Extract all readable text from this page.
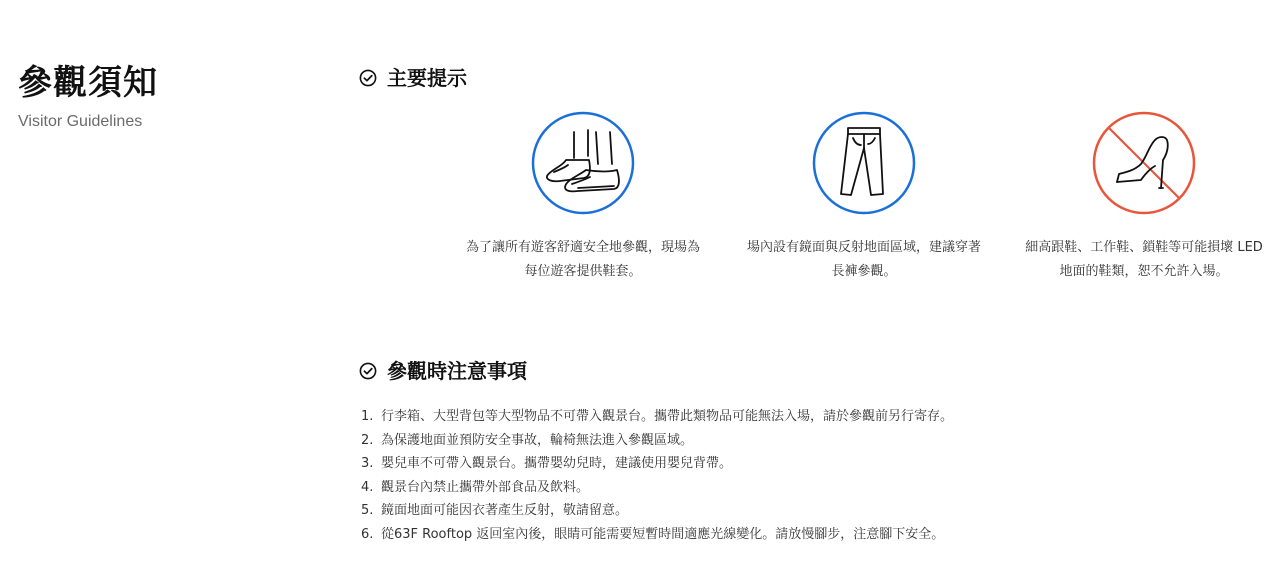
參觀須知

Visitor Guidelines

主要提示
為了讓所有遊客舒適安全地參觀，現場為每位遊客提供鞋套。
場內設有鏡面與反射地面區域，建議穿著長褲參觀。
細高跟鞋、工作鞋、鎖鞋等可能損壞 LED 地面的鞋類，恕不允許入場。
參觀時注意事項
1. 行李箱、大型背包等大型物品不可帶入觀景台。攜帶此類物品可能無法入場，請於參觀前另行寄存。
2. 為保護地面並預防安全事故，輪椅無法進入參觀區域。
3. 嬰兒車不可帶入觀景台。攜帶嬰幼兒時，建議使用嬰兒背帶。
4. 觀景台內禁止攜帶外部食品及飲料。
5. 鏡面地面可能因衣著產生反射，敬請留意。
6. 從63F Rooftop 返回室內後，眼睛可能需要短暫時間適應光線變化。請放慢腳步，注意腳下安全。
